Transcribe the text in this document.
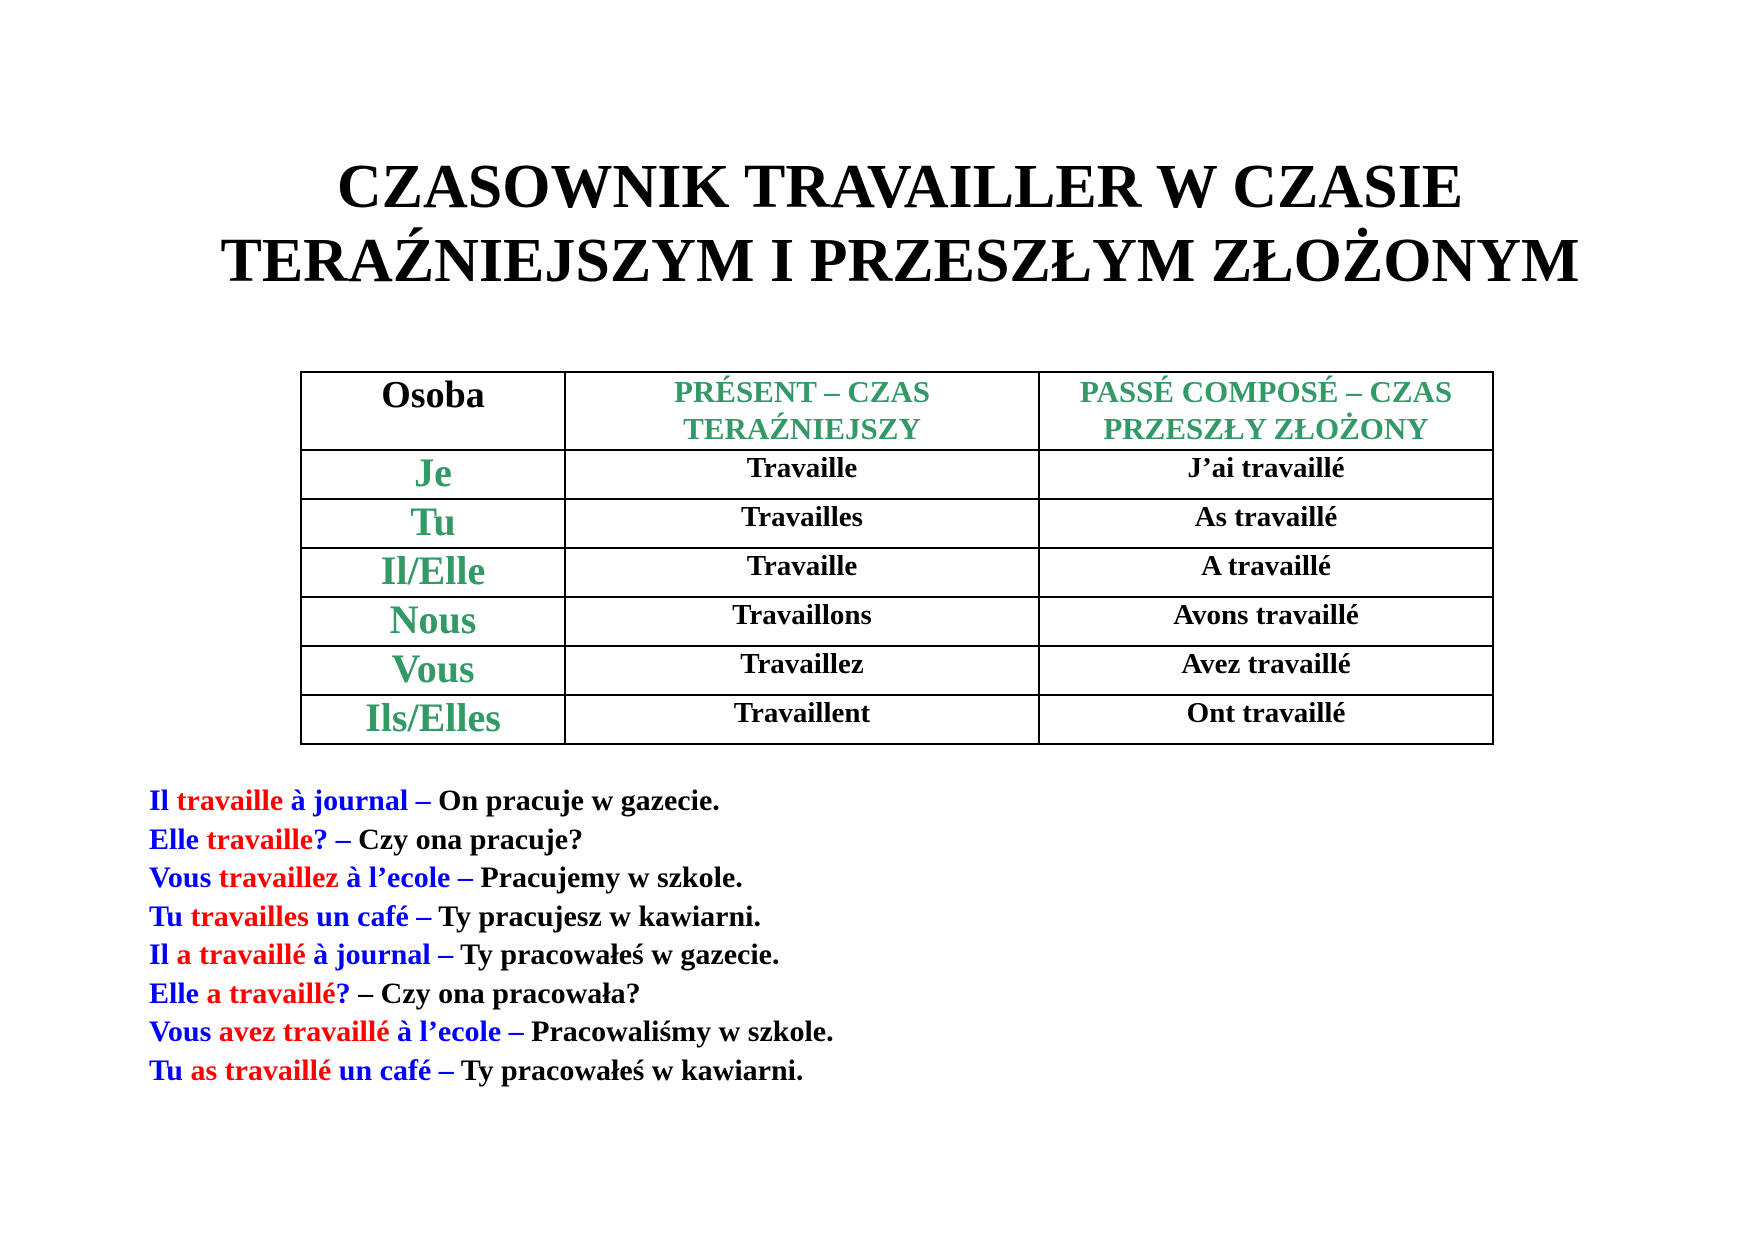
CZASOWNIK TRAVAILLER W CZASIE
TERAŹNIEJSZYM I PRZESZŁYM ZŁOŻONYM
Osoba	PRÉSENT – CZAS TERAŹNIEJSZY	PASSÉ COMPOSÉ – CZAS PRZESZŁY ZŁOŻONY
Je	Travaille	J’ai travaillé
Tu	Travailles	As travaillé
Il/Elle	Travaille	A travaillé
Nous	Travaillons	Avons travaillé
Vous	Travaillez	Avez travaillé
Ils/Elles	Travaillent	Ont travaillé
Il travaille à journal – On pracuje w gazecie.
Elle travaille? – Czy ona pracuje?
Vous travaillez à l’ecole – Pracujemy w szkole.
Tu travailles un café – Ty pracujesz w kawiarni.
Il a travaillé à journal – Ty pracowałeś w gazecie.
Elle a travaillé? – Czy ona pracowała?
Vous avez travaillé à l’ecole – Pracowaliśmy w szkole.
Tu as travaillé un café – Ty pracowałeś w kawiarni.
